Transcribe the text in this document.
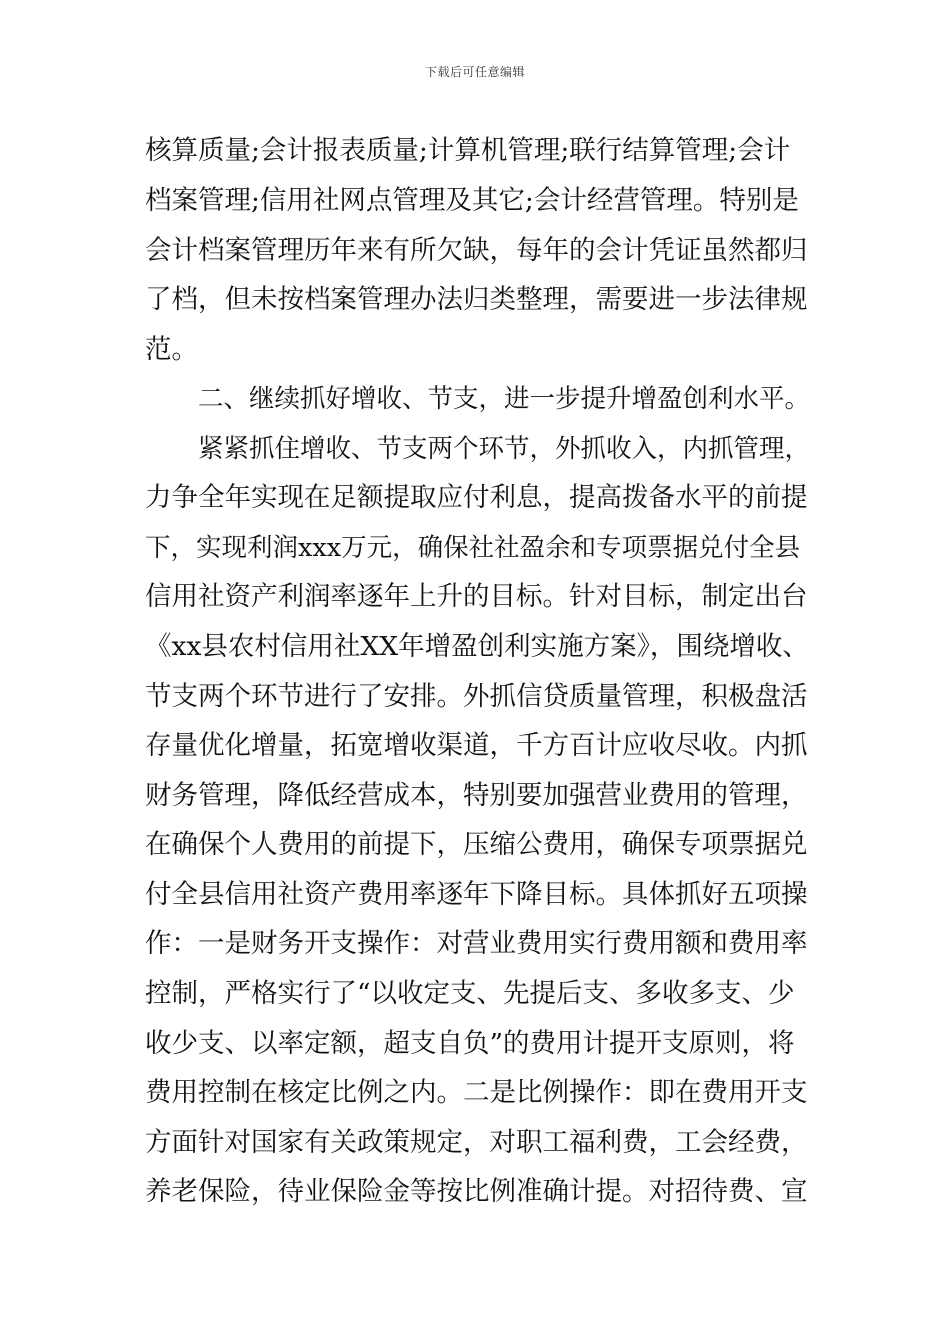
下载后可任意编辑
核算质量;会计报表质量;计算机管理;联行结算管理;会计
档案管理;信用社网点管理及其它;会计经营管理。特别是
会计档案管理历年来有所欠缺，每年的会计凭证虽然都归
了档，但未按档案管理办法归类整理，需要进一步法律规
范。
二、继续抓好增收、节支，进一步提升增盈创利水平。
紧紧抓住增收、节支两个环节，外抓收入，内抓管理，
力争全年实现在足额提取应付利息，提高拨备水平的前提
下，实现利润xxx万元，确保社社盈余和专项票据兑付全县
信用社资产利润率逐年上升的目标。针对目标，制定出台
《xx县农村信用社XX年增盈创利实施方案》，围绕增收、
节支两个环节进行了安排。外抓信贷质量管理，积极盘活
存量优化增量，拓宽增收渠道，千方百计应收尽收。内抓
财务管理，降低经营成本，特别要加强营业费用的管理，
在确保个人费用的前提下，压缩公费用，确保专项票据兑
付全县信用社资产费用率逐年下降目标。具体抓好五项操
作：一是财务开支操作：对营业费用实行费用额和费用率
控制，严格实行了“以收定支、先提后支、多收多支、少
收少支、以率定额，超支自负”的费用计提开支原则，将
费用控制在核定比例之内。二是比例操作：即在费用开支
方面针对国家有关政策规定，对职工福利费，工会经费，
养老保险，待业保险金等按比例准确计提。对招待费、宣
